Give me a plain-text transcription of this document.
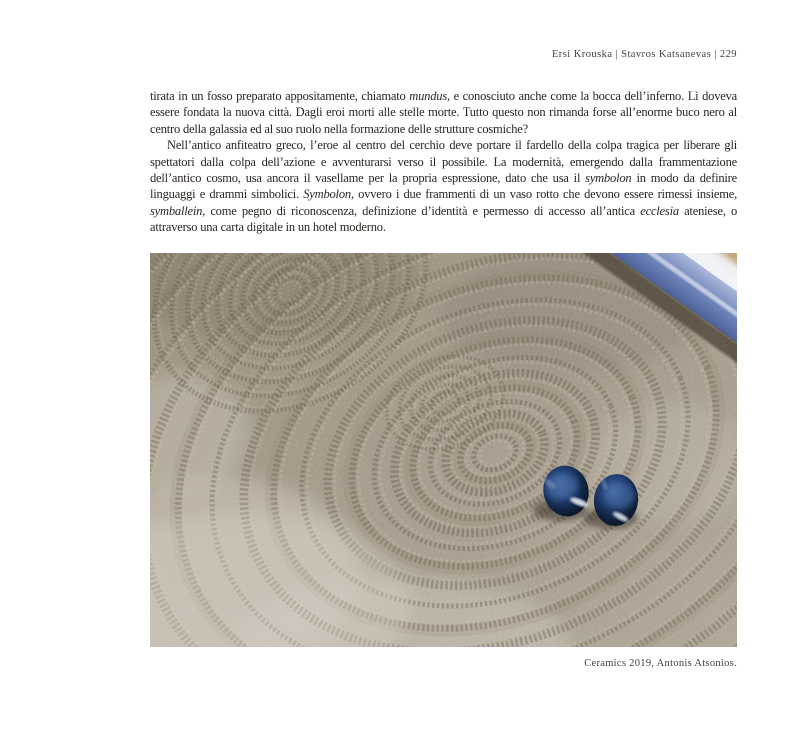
Ersi Krouska | Stavros Katsanevas | 229

tirata in un fosso preparato appositamente, chiamato mundus, e conosciuto anche come la bocca dell’inferno. Lì doveva essere fondata la nuova città. Dagli eroi morti alle stelle morte. Tutto questo non rimanda forse all’enorme buco nero al centro della galassia ed al suo ruolo nella formazione delle strutture cosmiche?

Nell’antico anfiteatro greco, l’eroe al centro del cerchio deve portare il fardello della colpa tragica per liberare gli spettatori dalla colpa dell’azione e avventurarsi verso il possibile. La modernità, emergendo dalla frammentazione dell’antico cosmo, usa ancora il vasellame per la propria espressione, dato che usa il symbolon in modo da definire linguaggi e drammi simbolici. Symbolon, ovvero i due frammenti di un vaso rotto che devono essere rimessi insieme, symballein, come pegno di riconoscenza, definizione d’identità e permesso di accesso all’antica ecclesia ateniese, o attraverso una carta digitale in un hotel moderno.

Ceramics 2019, Antonis Atsonios.
